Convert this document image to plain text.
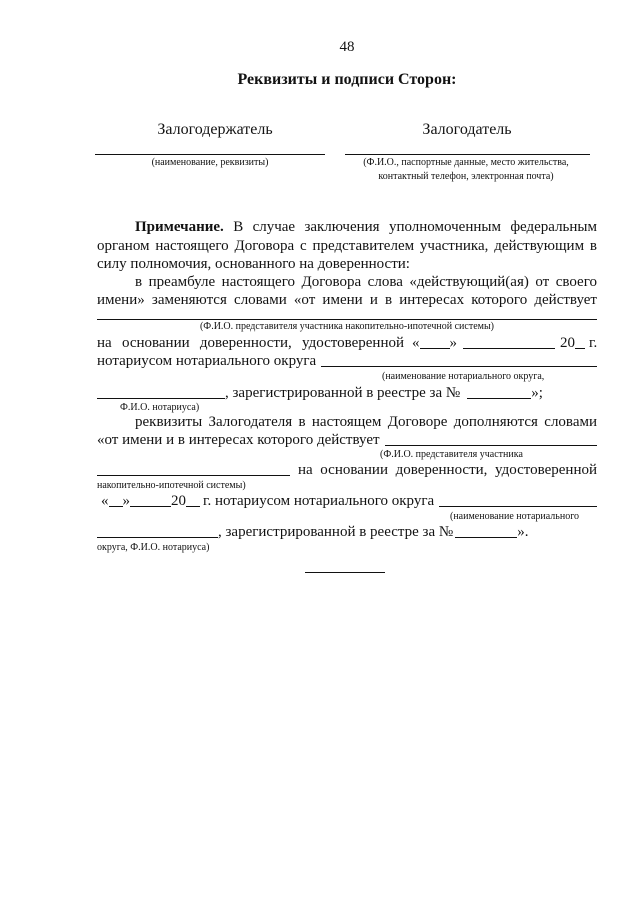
48
Реквизиты и подписи Сторон:
Залогодержатель	Залогодатель
(наименование, реквизиты)	(Ф.И.О., паспортные данные, место жительства,
контактный телефон, электронная почта)
Примечание. В случае заключения уполномоченным федеральным
органом настоящего Договора с представителем участника, действующим в
силу полномочия, основанного на доверенности:
в преамбуле настоящего Договора слова «действующий(ая) от своего
имени» заменяются словами «от имени и в интересах которого действует
(Ф.И.О. представителя участника накопительно-ипотечной системы)
на основании доверенности, удостоверенной « »	20 г.
нотариусом нотариального округа
(наименование нотариального округа,
, зарегистрированной в реестре за №	»;
Ф.И.О. нотариуса)
реквизиты Залогодателя в настоящем Договоре дополняются словами
«от имени и в интересах которого действует
(Ф.И.О. представителя участника
на основании доверенности, удостоверенной
накопительно-ипотечной системы)
« »	20 г. нотариусом нотариального округа
(наименование нотариального
, зарегистрированной в реестре за №	».
округа, Ф.И.О. нотариуса)
